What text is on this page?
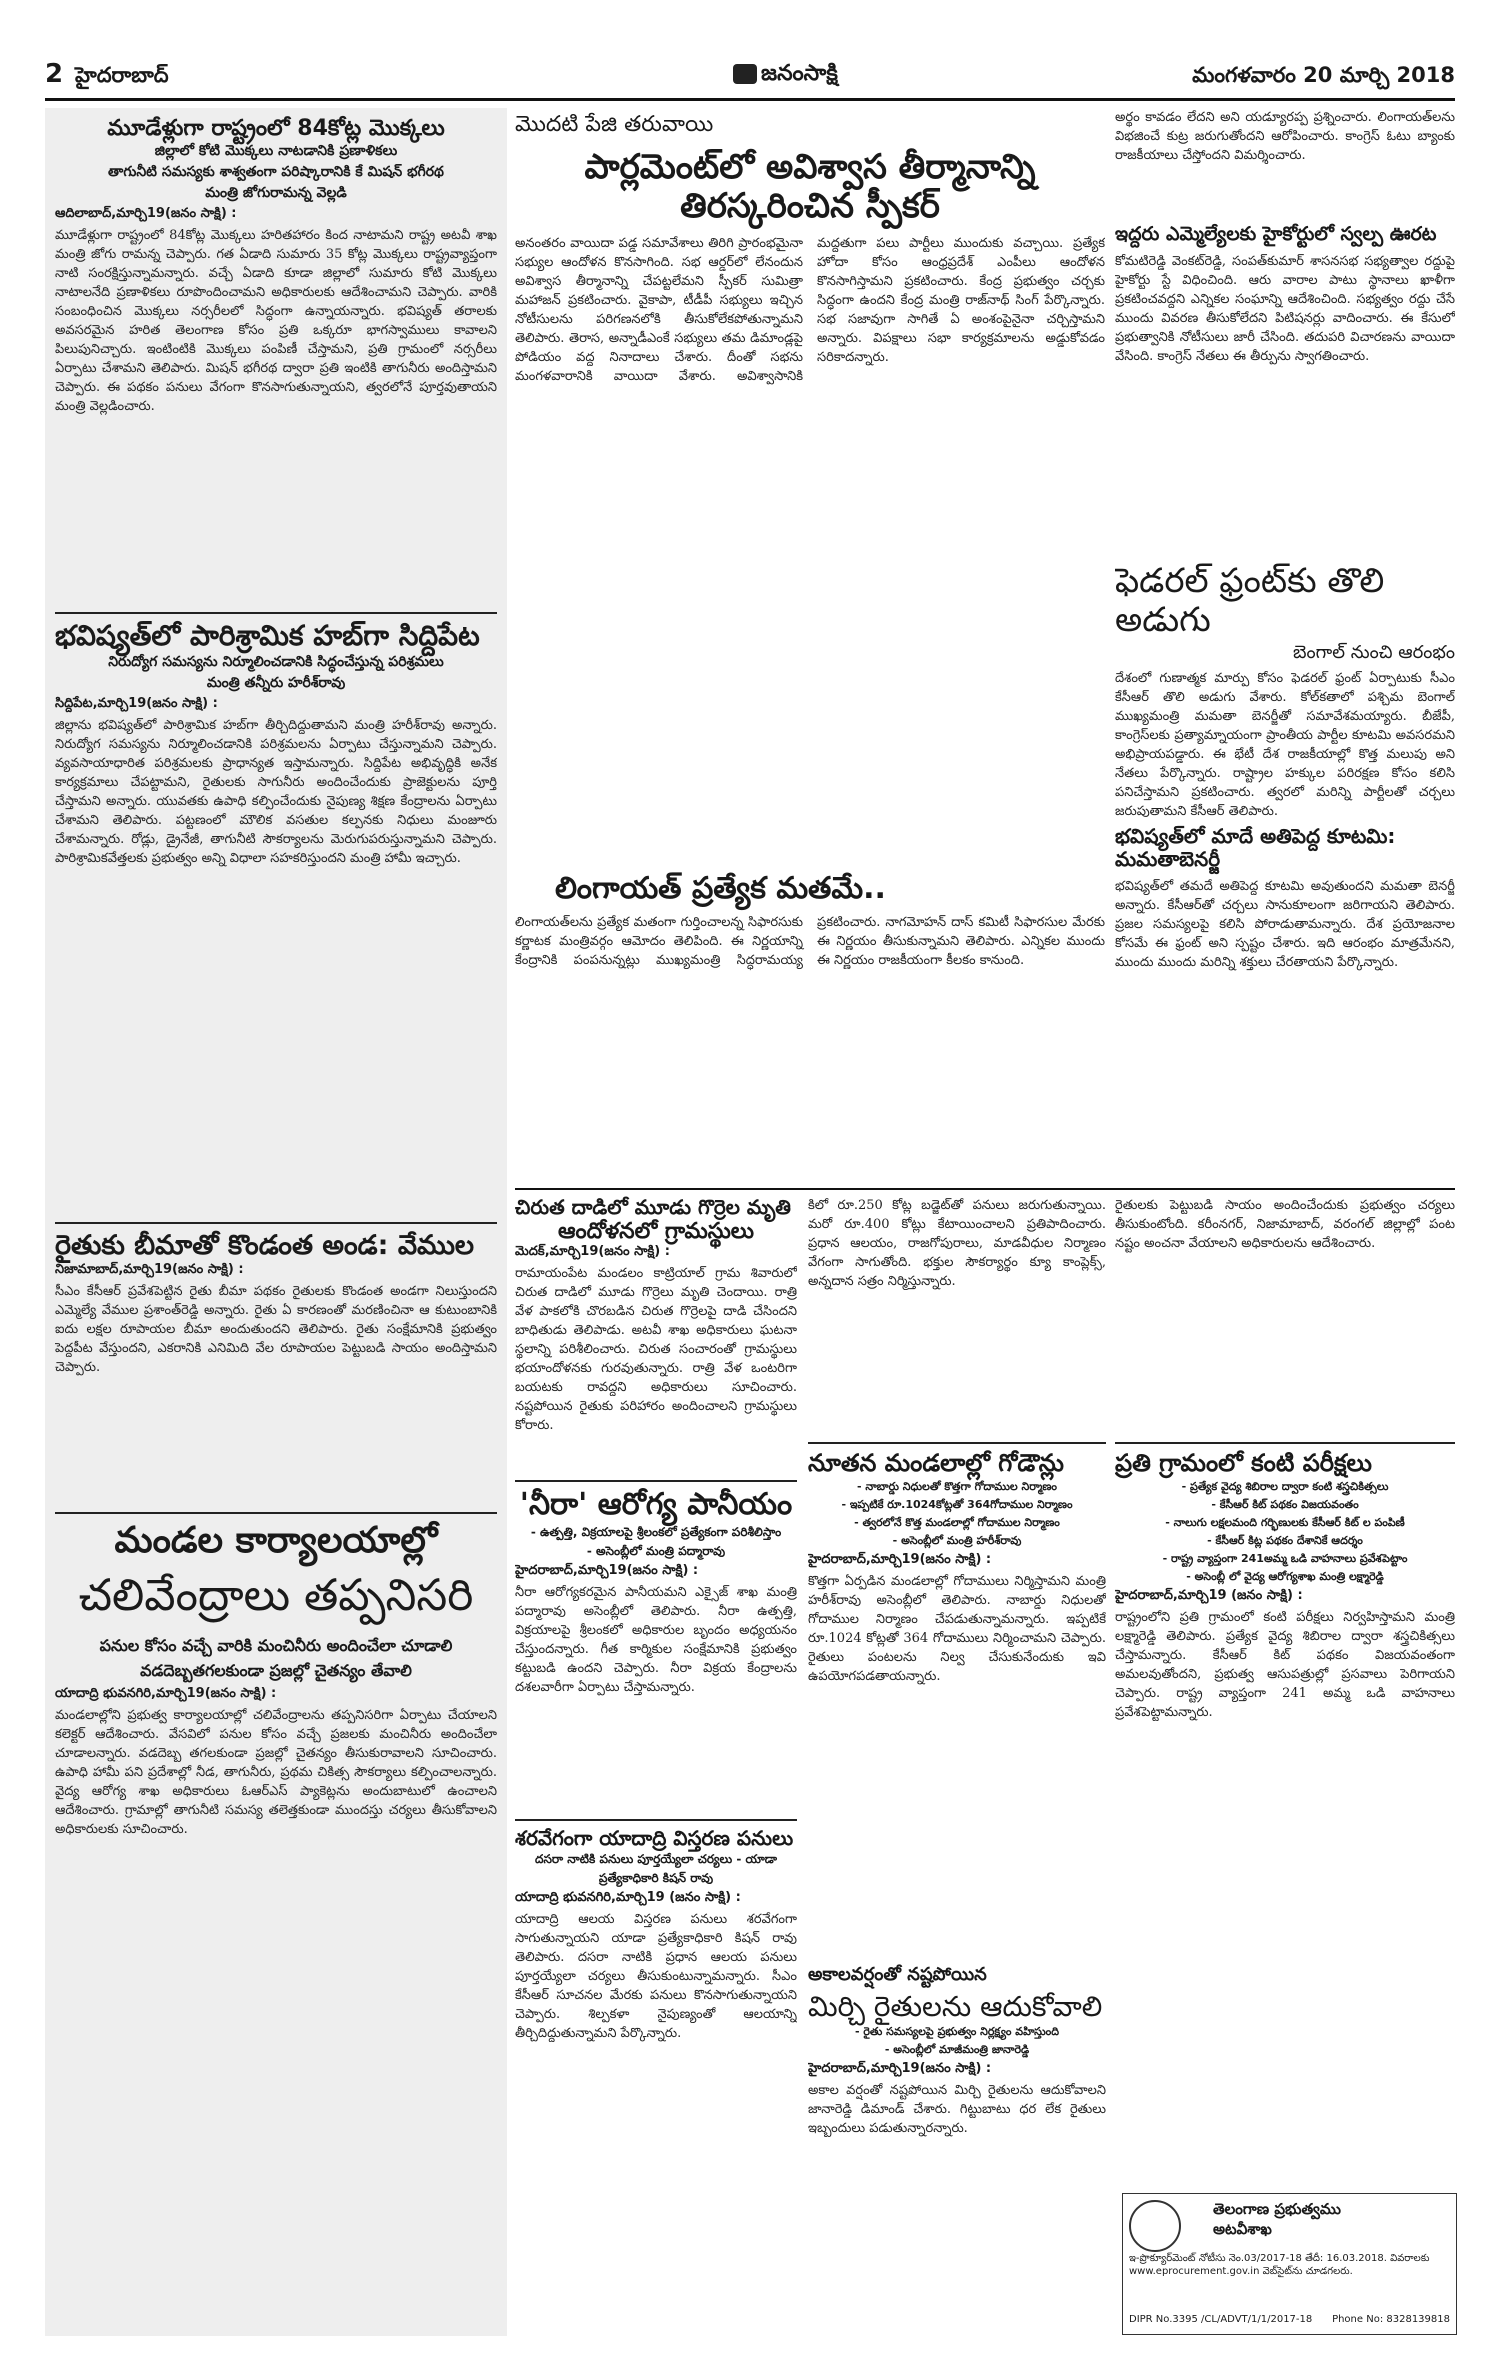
2 హైదరాబాద్	జనంసాక్షి	మంగళవారం 20 మార్చి 2018
మూడేళ్లుగా రాష్ట్రంలో 84కోట్ల మొక్కలు

జిల్లాలో కోటి మొక్కలు నాటడానికి ప్రణాళికలు

తాగునీటి సమస్యకు శాశ్వతంగా పరిష్కారానికి కే మిషన్ భగీరథ

మంత్రి జోగురామన్న వెల్లడి

ఆదిలాబాద్,మార్చి19(జనం సాక్షి) :

మూడేళ్లుగా రాష్ట్రంలో 84కోట్ల మొక్కలు హరితహారం కింద నాటామని రాష్ట్ర అటవీ శాఖ మంత్రి జోగు రామన్న చెప్పారు. గత ఏడాది సుమారు 35 కోట్ల మొక్కలు రాష్ట్రవ్యాప్తంగా నాటి సంరక్షిస్తున్నామన్నారు. వచ్చే ఏడాది కూడా జిల్లాలో సుమారు కోటి మొక్కలు నాటాలనేది ప్రణాళికలు రూపొందించామని అధికారులకు ఆదేశించామని చెప్పారు. వారికి సంబంధించిన మొక్కలు నర్సరీలలో సిద్ధంగా ఉన్నాయన్నారు. భవిష్యత్ తరాలకు అవసరమైన హరిత తెలంగాణ కోసం ప్రతి ఒక్కరూ భాగస్వాములు కావాలని పిలుపునిచ్చారు. ఇంటింటికి మొక్కలు పంపిణీ చేస్తామని, ప్రతి గ్రామంలో నర్సరీలు ఏర్పాటు చేశామని తెలిపారు. మిషన్ భగీరథ ద్వారా ప్రతి ఇంటికి తాగునీరు అందిస్తామని చెప్పారు. ఈ పథకం పనులు వేగంగా కొనసాగుతున్నాయని, త్వరలోనే పూర్తవుతాయని మంత్రి వెల్లడించారు.

భవిష్యత్‌లో పారిశ్రామిక హబ్‌గా సిద్దిపేట

నిరుద్యోగ సమస్యను నిర్మూలించడానికి సిద్ధంచేస్తున్న పరిశ్రమలు

మంత్రి తన్నీరు హరీశ్‌రావు

సిద్దిపేట,మార్చి19(జనం సాక్షి) :

జిల్లాను భవిష్యత్‌లో పారిశ్రామిక హబ్‌గా తీర్చిదిద్దుతామని మంత్రి హరీశ్‌రావు అన్నారు. నిరుద్యోగ సమస్యను నిర్మూలించడానికి పరిశ్రమలను ఏర్పాటు చేస్తున్నామని చెప్పారు. వ్యవసాయాధారిత పరిశ్రమలకు ప్రాధాన్యత ఇస్తామన్నారు. సిద్దిపేట అభివృద్ధికి అనేక కార్యక్రమాలు చేపట్టామని, రైతులకు సాగునీరు అందించేందుకు ప్రాజెక్టులను పూర్తి చేస్తామని అన్నారు. యువతకు ఉపాధి కల్పించేందుకు నైపుణ్య శిక్షణ కేంద్రాలను ఏర్పాటు చేశామని తెలిపారు. పట్టణంలో మౌలిక వసతుల కల్పనకు నిధులు మంజూరు చేశామన్నారు. రోడ్లు, డ్రైనేజీ, తాగునీటి సౌకర్యాలను మెరుగుపరుస్తున్నామని చెప్పారు. పారిశ్రామికవేత్తలకు ప్రభుత్వం అన్ని విధాలా సహకరిస్తుందని మంత్రి హామీ ఇచ్చారు.

రైతుకు బీమాతో కొండంత అండ: వేముల

నిజామాబాద్,మార్చి19(జనం సాక్షి) :

సీఎం కేసీఆర్ ప్రవేశపెట్టిన రైతు బీమా పథకం రైతులకు కొండంత అండగా నిలుస్తుందని ఎమ్మెల్యే వేముల ప్రశాంత్‌రెడ్డి అన్నారు. రైతు ఏ కారణంతో మరణించినా ఆ కుటుంబానికి ఐదు లక్షల రూపాయల బీమా అందుతుందని తెలిపారు. రైతు సంక్షేమానికి ప్రభుత్వం పెద్దపీట వేస్తుందని, ఎకరానికి ఎనిమిది వేల రూపాయల పెట్టుబడి సాయం అందిస్తామని చెప్పారు.

మండల కార్యాలయాల్లో
చలివేంద్రాలు తప్పనిసరి

పనుల కోసం వచ్చే వారికి మంచినీరు అందించేలా చూడాలి

వడదెబ్బతగలకుండా ప్రజల్లో చైతన్యం తేవాలి

యాదాద్రి భువనగిరి,మార్చి19(జనం సాక్షి) :

మండలాల్లోని ప్రభుత్వ కార్యాలయాల్లో చలివేంద్రాలను తప్పనిసరిగా ఏర్పాటు చేయాలని కలెక్టర్ ఆదేశించారు. వేసవిలో పనుల కోసం వచ్చే ప్రజలకు మంచినీరు అందించేలా చూడాలన్నారు. వడదెబ్బ తగలకుండా ప్రజల్లో చైతన్యం తీసుకురావాలని సూచించారు. ఉపాధి హామీ పని ప్రదేశాల్లో నీడ, తాగునీరు, ప్రథమ చికిత్స సౌకర్యాలు కల్పించాలన్నారు. వైద్య ఆరోగ్య శాఖ అధికారులు ఓఆర్ఎస్ ప్యాకెట్లను అందుబాటులో ఉంచాలని ఆదేశించారు. గ్రామాల్లో తాగునీటి సమస్య తలెత్తకుండా ముందస్తు చర్యలు తీసుకోవాలని అధికారులకు సూచించారు.

మొదటి పేజి తరువాయి

పార్లమెంట్‌లో అవిశ్వాస తీర్మానాన్ని
తిరస్కరించిన స్పీకర్

అనంతరం వాయిదా పడ్డ సమావేశాలు తిరిగి ప్రారంభమైనా సభ్యుల ఆందోళన కొనసాగింది. సభ ఆర్డర్‌లో లేనందున అవిశ్వాస తీర్మానాన్ని చేపట్టలేమని స్పీకర్ సుమిత్రా మహాజన్ ప్రకటించారు. వైకాపా, టీడీపీ సభ్యులు ఇచ్చిన నోటీసులను పరిగణనలోకి తీసుకోలేకపోతున్నామని తెలిపారు. తెరాస, అన్నాడీఎంకే సభ్యులు తమ డిమాండ్లపై పోడియం వద్ద నినాదాలు చేశారు. దీంతో సభను మంగళవారానికి వాయిదా వేశారు. అవిశ్వాసానికి మద్దతుగా పలు పార్టీలు ముందుకు వచ్చాయి. ప్రత్యేక హోదా కోసం ఆంధ్రప్రదేశ్ ఎంపీలు ఆందోళన కొనసాగిస్తామని ప్రకటించారు. కేంద్ర ప్రభుత్వం చర్చకు సిద్ధంగా ఉందని కేంద్ర మంత్రి రాజ్‌నాథ్ సింగ్ పేర్కొన్నారు. సభ సజావుగా సాగితే ఏ అంశంపైనైనా చర్చిస్తామని అన్నారు. విపక్షాలు సభా కార్యక్రమాలను అడ్డుకోవడం సరికాదన్నారు.

లింగాయత్ ప్రత్యేక మతమే..

లింగాయత్‌లను ప్రత్యేక మతంగా గుర్తించాలన్న సిఫారసుకు కర్ణాటక మంత్రివర్గం ఆమోదం తెలిపింది. ఈ నిర్ణయాన్ని కేంద్రానికి పంపనున్నట్లు ముఖ్యమంత్రి సిద్ధరామయ్య ప్రకటించారు. నాగమోహన్ దాస్ కమిటీ సిఫారసుల మేరకు ఈ నిర్ణయం తీసుకున్నామని తెలిపారు. ఎన్నికల ముందు ఈ నిర్ణయం రాజకీయంగా కీలకం కానుంది.

అర్థం కావడం లేదని అని యడ్యూరప్ప ప్రశ్నించారు. లింగాయత్‌లను విభజించే కుట్ర జరుగుతోందని ఆరోపించారు. కాంగ్రెస్ ఓటు బ్యాంకు రాజకీయాలు చేస్తోందని విమర్శించారు.

ఇద్దరు ఎమ్మెల్యేలకు హైకోర్టులో స్వల్ప ఊరట

కోమటిరెడ్డి వెంకట్‌రెడ్డి, సంపత్‌కుమార్ శాసనసభ సభ్యత్వాల రద్దుపై హైకోర్టు స్టే విధించింది. ఆరు వారాల పాటు స్థానాలు ఖాళీగా ప్రకటించవద్దని ఎన్నికల సంఘాన్ని ఆదేశించింది. సభ్యత్వం రద్దు చేసే ముందు వివరణ తీసుకోలేదని పిటిషనర్లు వాదించారు. ఈ కేసులో ప్రభుత్వానికి నోటీసులు జారీ చేసింది. తదుపరి విచారణను వాయిదా వేసింది. కాంగ్రెస్ నేతలు ఈ తీర్పును స్వాగతించారు.

ఫెడరల్ ఫ్రంట్‌కు తొలి అడుగు

బెంగాల్ నుంచి ఆరంభం

దేశంలో గుణాత్మక మార్పు కోసం ఫెడరల్ ఫ్రంట్ ఏర్పాటుకు సీఎం కేసీఆర్ తొలి అడుగు వేశారు. కోల్‌కతాలో పశ్చిమ బెంగాల్ ముఖ్యమంత్రి మమతా బెనర్జీతో సమావేశమయ్యారు. బీజేపీ, కాంగ్రెస్‌లకు ప్రత్యామ్నాయంగా ప్రాంతీయ పార్టీల కూటమి అవసరమని అభిప్రాయపడ్డారు. ఈ భేటీ దేశ రాజకీయాల్లో కొత్త మలుపు అని నేతలు పేర్కొన్నారు. రాష్ట్రాల హక్కుల పరిరక్షణ కోసం కలిసి పనిచేస్తామని ప్రకటించారు. త్వరలో మరిన్ని పార్టీలతో చర్చలు జరుపుతామని కేసీఆర్ తెలిపారు.

భవిష్యత్‌లో మాదే అతిపెద్ద కూటమి: మమతాబెనర్జీ

భవిష్యత్‌లో తమదే అతిపెద్ద కూటమి అవుతుందని మమతా బెనర్జీ అన్నారు. కేసీఆర్‌తో చర్చలు సానుకూలంగా జరిగాయని తెలిపారు. ప్రజల సమస్యలపై కలిసి పోరాడుతామన్నారు. దేశ ప్రయోజనాల కోసమే ఈ ఫ్రంట్ అని స్పష్టం చేశారు. ఇది ఆరంభం మాత్రమేనని, ముందు ముందు మరిన్ని శక్తులు చేరతాయని పేర్కొన్నారు.

చిరుత దాడిలో మూడు గొర్రెల మృతి
ఆందోళనలో గ్రామస్థులు

మెదక్,మార్చి19(జనం సాక్షి) :

రామాయంపేట మండలం కాట్రియాల్ గ్రామ శివారులో చిరుత దాడిలో మూడు గొర్రెలు మృతి చెందాయి. రాత్రి వేళ పాకలోకి చొరబడిన చిరుత గొర్రెలపై దాడి చేసిందని బాధితుడు తెలిపాడు. అటవీ శాఖ అధికారులు ఘటనా స్థలాన్ని పరిశీలించారు. చిరుత సంచారంతో గ్రామస్థులు భయాందోళనకు గురవుతున్నారు. రాత్రి వేళ ఒంటరిగా బయటకు రావద్దని అధికారులు సూచించారు. నష్టపోయిన రైతుకు పరిహారం అందించాలని గ్రామస్థులు కోరారు.

'నీరా' ఆరోగ్య పానీయం

- ఉత్పత్తి, విక్రయాలపై శ్రీలంకలో ప్రత్యేకంగా పరిశీలిస్తాం

- అసెంబ్లీలో మంత్రి పద్మారావు

హైదరాబాద్,మార్చి19(జనం సాక్షి) :

నీరా ఆరోగ్యకరమైన పానీయమని ఎక్సైజ్ శాఖ మంత్రి పద్మారావు అసెంబ్లీలో తెలిపారు. నీరా ఉత్పత్తి, విక్రయాలపై శ్రీలంకలో అధికారుల బృందం అధ్యయనం చేస్తుందన్నారు. గీత కార్మికుల సంక్షేమానికి ప్రభుత్వం కట్టుబడి ఉందని చెప్పారు. నీరా విక్రయ కేంద్రాలను దశలవారీగా ఏర్పాటు చేస్తామన్నారు.

శరవేగంగా యాదాద్రి విస్తరణ పనులు

దసరా నాటికి పనులు పూర్తయ్యేలా చర్యలు - యాడా

ప్రత్యేకాధికారి కిషన్ రావు

యాదాద్రి భువనగిరి,మార్చి19 (జనం సాక్షి) :

యాదాద్రి ఆలయ విస్తరణ పనులు శరవేగంగా సాగుతున్నాయని యాడా ప్రత్యేకాధికారి కిషన్ రావు తెలిపారు. దసరా నాటికి ప్రధాన ఆలయ పనులు పూర్తయ్యేలా చర్యలు తీసుకుంటున్నామన్నారు. సీఎం కేసీఆర్ సూచనల మేరకు పనులు కొనసాగుతున్నాయని చెప్పారు. శిల్పకళా నైపుణ్యంతో ఆలయాన్ని తీర్చిదిద్దుతున్నామని పేర్కొన్నారు.

కిలో రూ.250 కోట్ల బడ్జెట్‌తో పనులు జరుగుతున్నాయి. మరో రూ.400 కోట్లు కేటాయించాలని ప్రతిపాదించారు. ప్రధాన ఆలయం, రాజగోపురాలు, మాడవీధుల నిర్మాణం వేగంగా సాగుతోంది. భక్తుల సౌకర్యార్థం క్యూ కాంప్లెక్స్, అన్నదాన సత్రం నిర్మిస్తున్నారు.

నూతన మండలాల్లో గోడౌన్లు

- నాబార్డు నిధులతో కొత్తగా గోదాముల నిర్మాణం

- ఇప్పటికే రూ.1024కోట్లతో 364గోదాముల నిర్మాణం

- త్వరలోనే కొత్త మండలాల్లో గోదాముల నిర్మాణం

- అసెంబ్లీలో మంత్రి హరీశ్‌రావు

హైదరాబాద్,మార్చి19(జనం సాక్షి) :

కొత్తగా ఏర్పడిన మండలాల్లో గోదాములు నిర్మిస్తామని మంత్రి హరీశ్‌రావు అసెంబ్లీలో తెలిపారు. నాబార్డు నిధులతో గోదాముల నిర్మాణం చేపడుతున్నామన్నారు. ఇప్పటికే రూ.1024 కోట్లతో 364 గోదాములు నిర్మించామని చెప్పారు. రైతులు పంటలను నిల్వ చేసుకునేందుకు ఇవి ఉపయోగపడతాయన్నారు.

అకాలవర్షంతో నష్టపోయిన

మిర్చి రైతులను ఆదుకోవాలి

- రైతు సమస్యలపై ప్రభుత్వం నిర్లక్ష్యం వహిస్తుంది

- అసెంబ్లీలో మాజీమంత్రి జానారెడ్డి

హైదరాబాద్,మార్చి19(జనం సాక్షి) :

అకాల వర్షంతో నష్టపోయిన మిర్చి రైతులను ఆదుకోవాలని జానారెడ్డి డిమాండ్ చేశారు. గిట్టుబాటు ధర లేక రైతులు ఇబ్బందులు పడుతున్నారన్నారు.

రైతులకు పెట్టుబడి సాయం అందించేందుకు ప్రభుత్వం చర్యలు తీసుకుంటోంది. కరీంనగర్, నిజామాబాద్, వరంగల్ జిల్లాల్లో పంట నష్టం అంచనా వేయాలని అధికారులను ఆదేశించారు.

ప్రతి గ్రామంలో కంటి పరీక్షలు

- ప్రత్యేక వైద్య శిబిరాల ద్వారా కంటి శస్త్రచికిత్సలు

- కేసీఆర్ కిట్ పథకం విజయవంతం

- నాలుగు లక్షలమంది గర్భిణులకు కేసీఆర్ కిట్ ల పంపిణీ

- కేసీఆర్ కిట్ల పథకం దేశానికే ఆదర్శం

- రాష్ట్ర వ్యాప్తంగా 241అమ్మ ఒడి వాహనాలు ప్రవేశపెట్టాం

- అసెంబ్లీ లో వైద్య ఆరోగ్యశాఖ మంత్రి లక్ష్మారెడ్డి

హైదరాబాద్,మార్చి19 (జనం సాక్షి) :

రాష్ట్రంలోని ప్రతి గ్రామంలో కంటి పరీక్షలు నిర్వహిస్తామని మంత్రి లక్ష్మారెడ్డి తెలిపారు. ప్రత్యేక వైద్య శిబిరాల ద్వారా శస్త్రచికిత్సలు చేస్తామన్నారు. కేసీఆర్ కిట్ పథకం విజయవంతంగా అమలవుతోందని, ప్రభుత్వ ఆసుపత్రుల్లో ప్రసవాలు పెరిగాయని చెప్పారు. రాష్ట్ర వ్యాప్తంగా 241 అమ్మ ఒడి వాహనాలు ప్రవేశపెట్టామన్నారు.

తెలంగాణ ప్రభుత్వము
అటవీశాఖ
ఇ-ప్రొక్యూర్‌మెంట్ నోటీసు నెం.03/2017-18 తేదీ: 16.03.2018. వివరాలకు www.eprocurement.gov.in వెబ్‌సైట్‌ను చూడగలరు.
DIPR No.3395 /CL/ADVT/1/1/2017-18 Phone No: 8328139818
